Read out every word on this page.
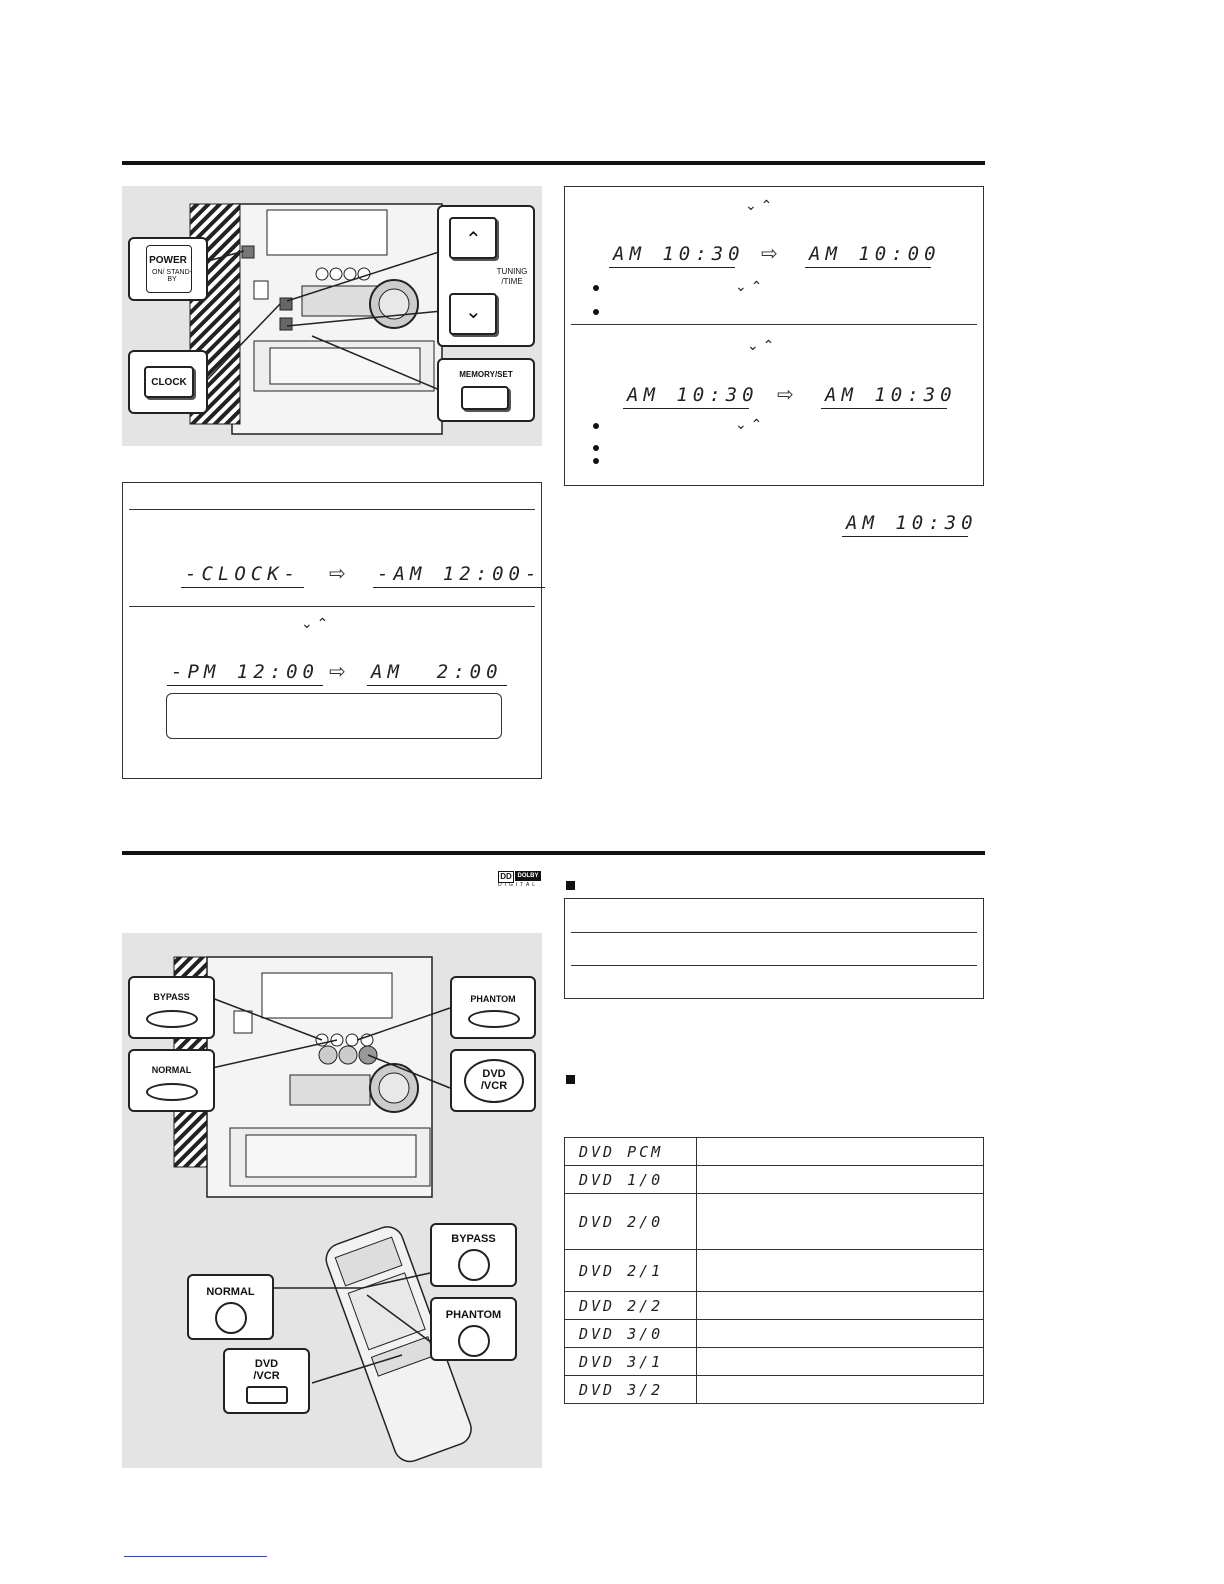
POWER
ON/ STAND-BY
CLOCK
⌃
TUNING /TIME
⌄
MEMORY/SET
-CLOCK- ⇨ -AM 12:00-
⌄ ⌃
-PM 12:00 ⇨ AM  2:00
⌄ ⌃
AM 10:30 ⇨ AM 10:00
⌄ ⌃
⌄ ⌃
AM 10:30 ⇨ AM 10:30
⌄ ⌃
AM 10:30
DD DOLBY
DIGITAL
BYPASS
NORMAL
PHANTOM
DVD /VCR
BYPASS
NORMAL
PHANTOM
DVD /VCR
DVD PCM	
DVD 1/0	
DVD 2/0	
DVD 2/1	
DVD 2/2	
DVD 3/0	
DVD 3/1	
DVD 3/2	
